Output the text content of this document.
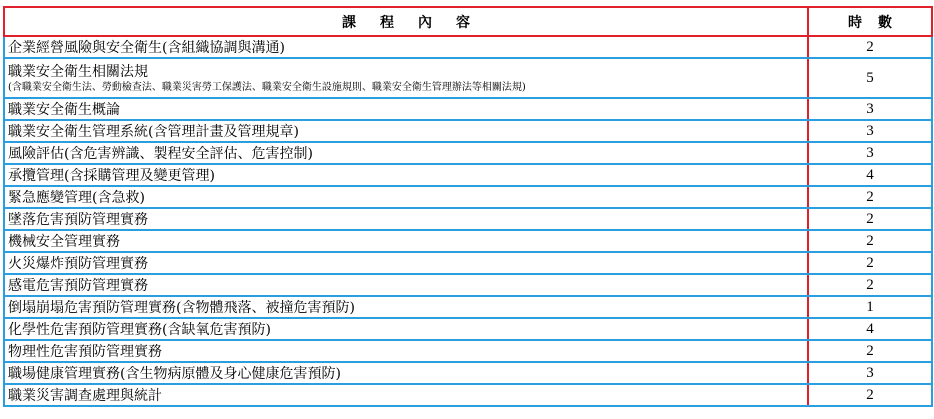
課程內容	時數
企業經營風險與安全衛生(含組織協調與溝通)	2

職業安全衛生相關法規
(含職業安全衛生法、勞動檢查法、職業災害勞工保護法、職業安全衛生設施規則、職業安全衛生管理辦法等相關法規)	5
職業安全衛生概論	3
職業安全衛生管理系統(含管理計畫及管理規章)	3
風險評估(含危害辨識、製程安全評估、危害控制)	3
承攬管理(含採購管理及變更管理)	4
緊急應變管理(含急救)	2
墜落危害預防管理實務	2
機械安全管理實務	2
火災爆炸預防管理實務	2
感電危害預防管理實務	2
倒塌崩塌危害預防管理實務(含物體飛落、被撞危害預防)	1
化學性危害預防管理實務(含缺氧危害預防)	4
物理性危害預防管理實務	2
職場健康管理實務(含生物病原體及身心健康危害預防)	3
職業災害調查處理與統計	2
